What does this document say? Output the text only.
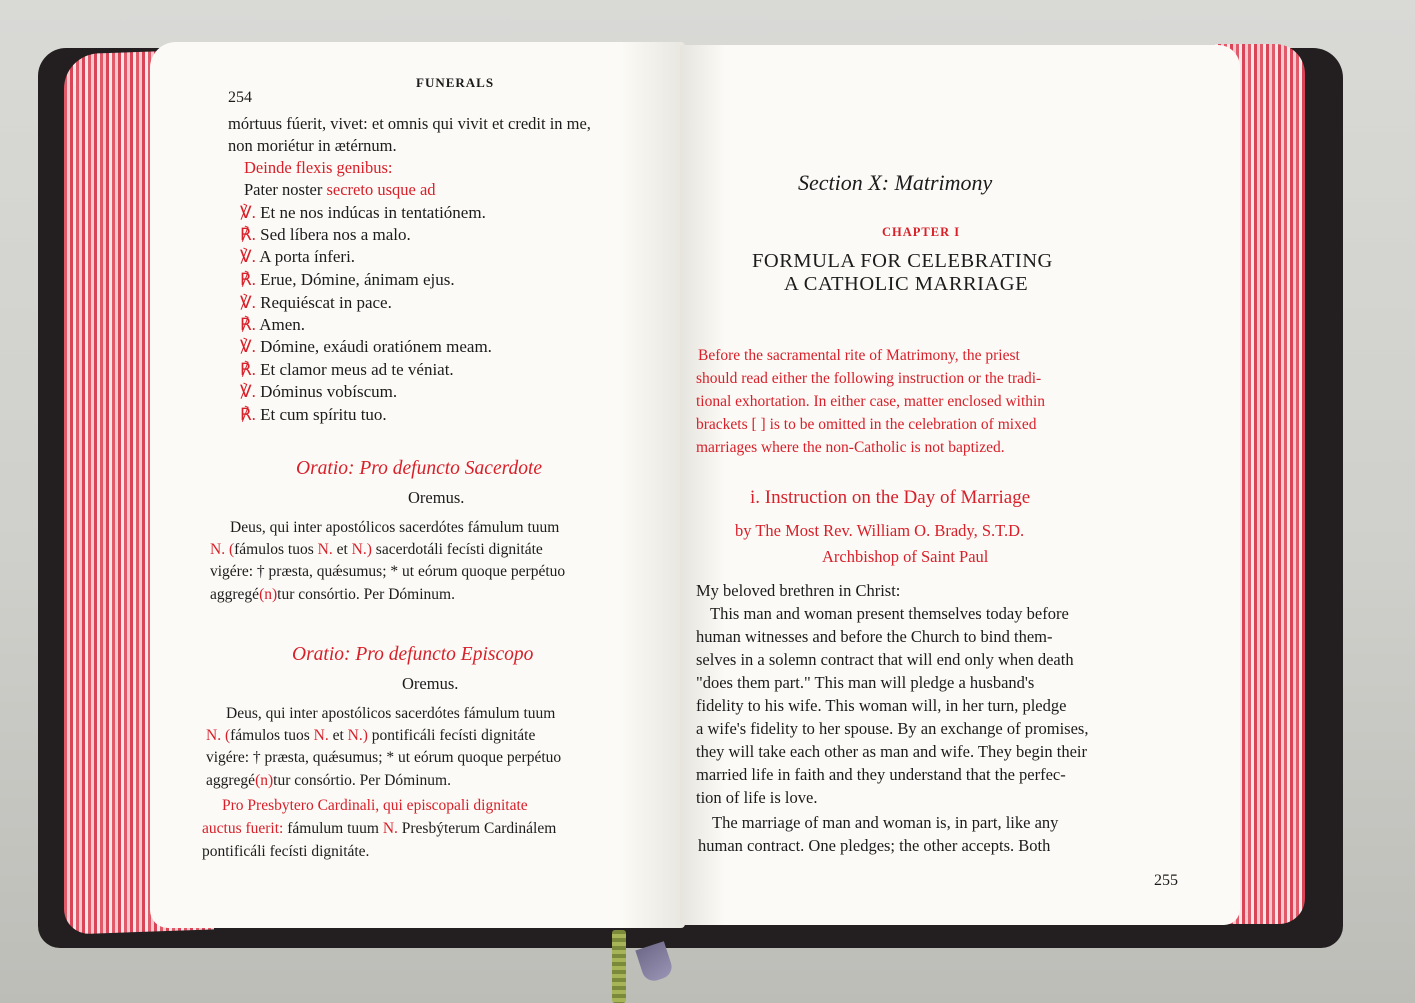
254
FUNERALS
mórtuus fúerit, vivet: et omnis qui vivit et credit in me,
non moriétur in ætérnum.
Deinde flexis genibus:
Pater noster secreto usque ad
℣. Et ne nos indúcas in tentatiónem.
℟. Sed líbera nos a malo.
℣. A porta ínferi.
℟. Erue, Dómine, ánimam ejus.
℣. Requiéscat in pace.
℟. Amen.
℣. Dómine, exáudi oratiónem meam.
℟. Et clamor meus ad te véniat.
℣. Dóminus vobíscum.
℟. Et cum spíritu tuo.
Oratio: Pro defuncto Sacerdote
Oremus.
Deus, qui inter apostólicos sacerdótes fámulum tuum
N. (fámulos tuos N. et N.) sacerdotáli fecísti dignitáte
vigére: † præsta, quǽsumus; * ut eórum quoque perpétuo
aggregé(n)tur consórtio. Per Dóminum.
Oratio: Pro defuncto Episcopo
Oremus.
Deus, qui inter apostólicos sacerdótes fámulum tuum
N. (fámulos tuos N. et N.) pontificáli fecísti dignitáte
vigére: † præsta, quǽsumus; * ut eórum quoque perpétuo
aggregé(n)tur consórtio. Per Dóminum.
Pro Presbytero Cardinali, qui episcopali dignitate
auctus fuerit: fámulum tuum N. Presbýterum Cardinálem
pontificáli fecísti dignitáte.
Section X: Matrimony
CHAPTER I
FORMULA FOR CELEBRATING
A CATHOLIC MARRIAGE
Before the sacramental rite of Matrimony, the priest
should read either the following instruction or the tradi-
tional exhortation. In either case, matter enclosed within
brackets [ ] is to be omitted in the celebration of mixed
marriages where the non-Catholic is not baptized.
i. Instruction on the Day of Marriage
by The Most Rev. William O. Brady, S.T.D.
Archbishop of Saint Paul
My beloved brethren in Christ:
This man and woman present themselves today before
human witnesses and before the Church to bind them-
selves in a solemn contract that will end only when death
"does them part." This man will pledge a husband's
fidelity to his wife. This woman will, in her turn, pledge
a wife's fidelity to her spouse. By an exchange of promises,
they will take each other as man and wife. They begin their
married life in faith and they understand that the perfec-
tion of life is love.
The marriage of man and woman is, in part, like any
human contract. One pledges; the other accepts. Both
255
